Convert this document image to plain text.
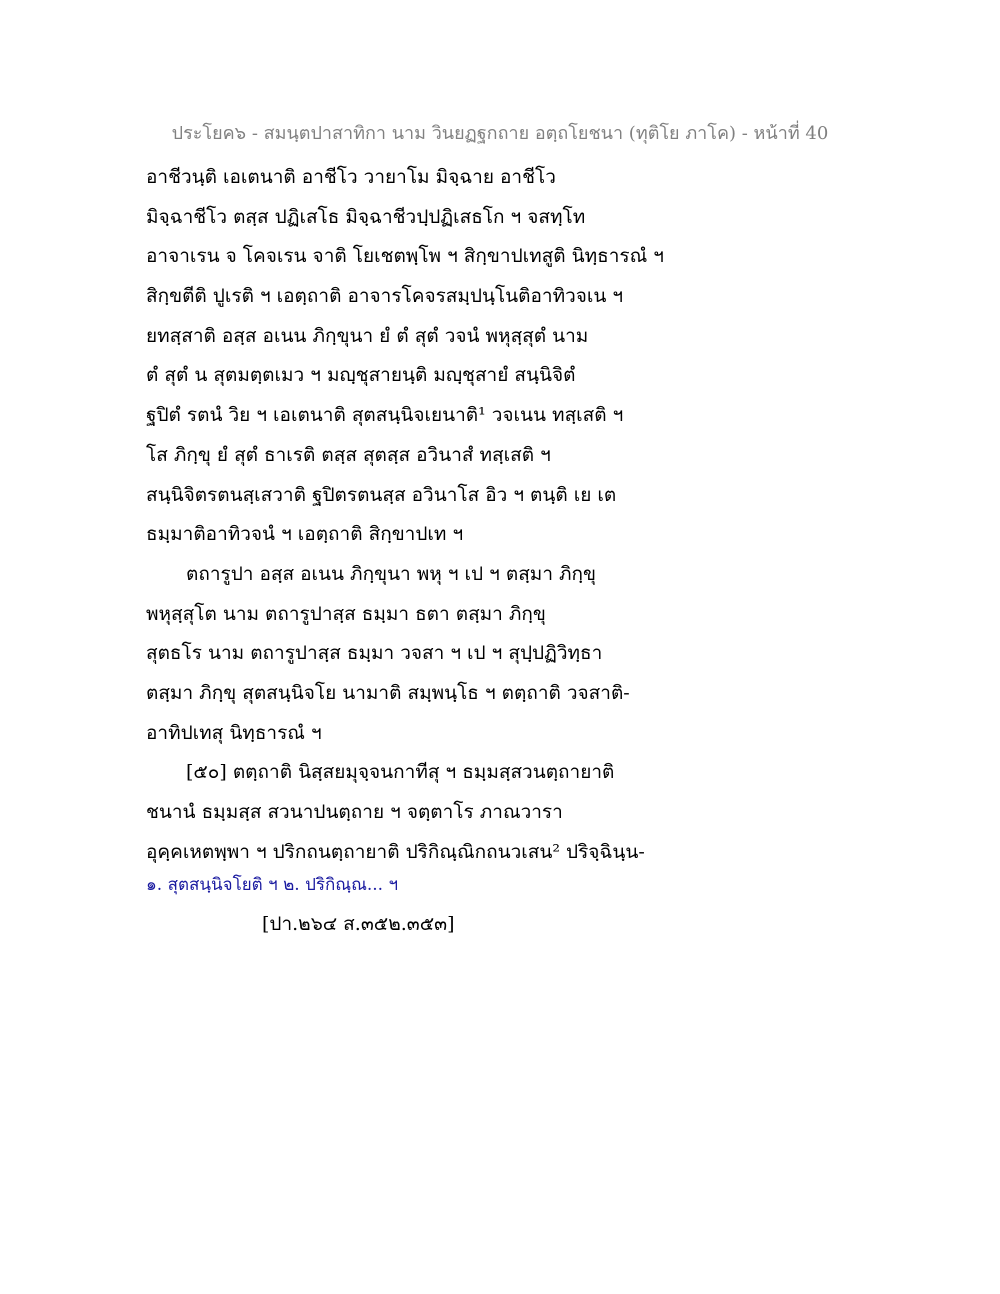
ประโยค๖ - สมนฺตปาสาทิกา นาม วินยฏฐกถาย อตฺถโยชนา (ทุติโย ภาโค) - หน้าที่ 40
อาชีวนฺติ เอเตนาติ อาชีโว วายาโม มิจฺฉาย อาชีโว
มิจฺฉาชีโว ตสฺส ปฏิเสโธ มิจฺฉาชีวปฺปฏิเสธโก ฯ จสทฺโท
อาจาเรน จ โคจเรน จาติ โยเชตพฺโพ ฯ สิกฺขาปเทสูติ นิทฺธารณํ ฯ
สิกฺขตีติ ปูเรติ ฯ เอตฺถาติ อาจารโคจรสมฺปนฺโนติอาทิวจเน ฯ
ยทสฺสาติ อสฺส อเนน ภิกฺขุนา ยํ ตํ สุตํ วจนํ พหุสฺสุตํ นาม
ตํ สุตํ น สุตมตฺตเมว ฯ มญฺชุสายนฺติ มญฺชุสายํ สนฺนิจิตํ
ฐปิตํ รตนํ วิย ฯ เอเตนาติ สุตสนฺนิจเยนาติ¹ วจเนน ทสฺเสติ ฯ
โส ภิกฺขุ ยํ สุตํ ธาเรติ ตสฺส สุตสฺส อวินาสํ ทสฺเสติ ฯ
สนฺนิจิตรตนสฺเสวาติ ฐปิตรตนสฺส อวินาโส อิว ฯ ตนฺติ เย เต
ธมฺมาติอาทิวจนํ ฯ เอตฺถาติ สิกฺขาปเท ฯ
ตถารูปา อสฺส อเนน ภิกฺขุนา พหุ ฯ เป ฯ ตสฺมา ภิกฺขุ
พหุสฺสุโต นาม ตถารูปาสฺส ธมฺมา ธตา ตสฺมา ภิกฺขุ
สุตธโร นาม ตถารูปาสฺส ธมฺมา วจสา ฯ เป ฯ สุปฺปฏิวิทฺธา
ตสฺมา ภิกฺขุ สุตสนฺนิจโย นามาติ สมฺพนฺโธ ฯ ตตฺถาติ วจสาติ-
อาทิปเทสุ นิทฺธารณํ ฯ
[๕๐] ตตฺถาติ นิสฺสยมุจฺจนกาทีสุ ฯ ธมฺมสฺสวนตฺถายาติ
ชนานํ ธมฺมสฺส สวนาปนตฺถาย ฯ จตฺตาโร ภาณวารา
อุคฺคเหตพฺพา ฯ ปริกถนตฺถายาติ ปริกิณฺณิกถนวเสน² ปริจฺฉินฺน-
๑. สุตสนฺนิจโยติ ฯ ๒. ปริกิณฺณ... ฯ
[ปา.๒๖๔ ส.๓๕๒.๓๕๓]
